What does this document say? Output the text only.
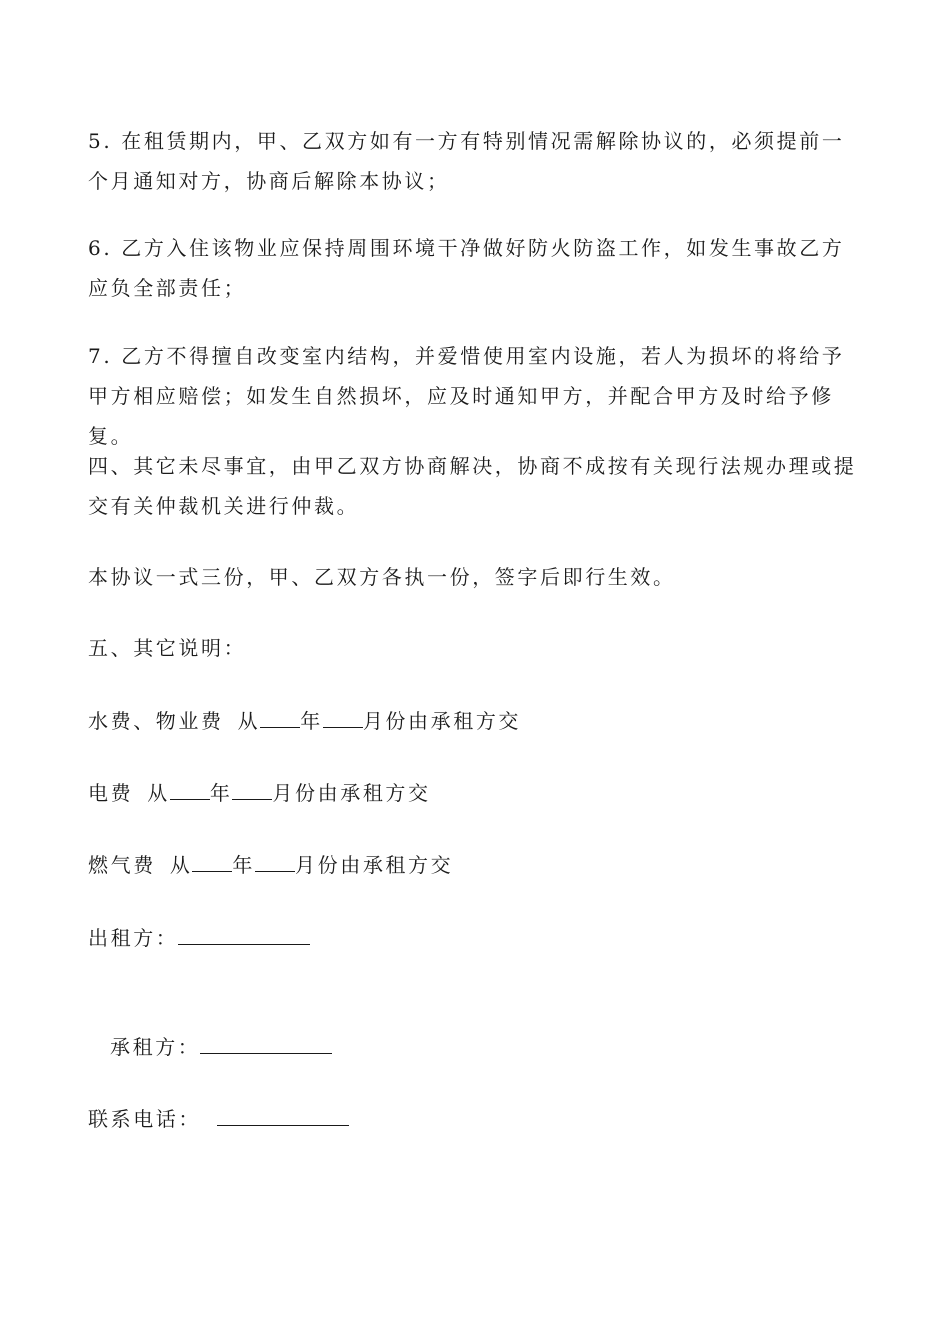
5. 在租赁期内，甲、乙双方如有一方有特别情况需解除协议的，必须提前一个月通知对方，协商后解除本协议；

6. 乙方入住该物业应保持周围环境干净做好防火防盗工作，如发生事故乙方应负全部责任；

7. 乙方不得擅自改变室内结构，并爱惜使用室内设施，若人为损坏的将给予甲方相应赔偿；如发生自然损坏，应及时通知甲方，并配合甲方及时给予修复。

四、其它未尽事宜，由甲乙双方协商解决，协商不成按有关现行法规办理或提交有关仲裁机关进行仲裁。

本协议一式三份，甲、乙双方各执一份，签字后即行生效。

五、其它说明：

水费、物业费 从 年 月份由承租方交

电费 从 年 月份由承租方交

燃气费 从 年 月份由承租方交

出租方：

承租方：

联系电话：
